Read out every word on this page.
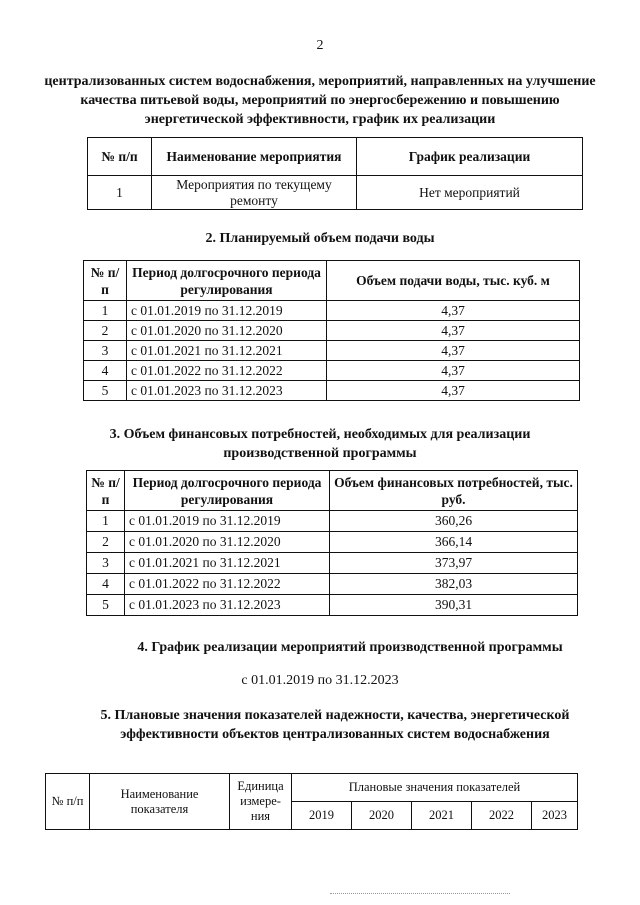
2
централизованных систем водоснабжения, мероприятий, направленных на улучшение качества питьевой воды, мероприятий по энергосбережению и повышению энергетической эффективности, график их реализации
№ п/п	Наименование мероприятия	График реализации
1	Мероприятия по текущему ремонту	Нет мероприятий
2. Планируемый объем подачи воды
№ п/п	Период долгосрочного периода регулирования	Объем подачи воды, тыс. куб. м
1	с 01.01.2019 по 31.12.2019	4,37
2	с 01.01.2020 по 31.12.2020	4,37
3	с 01.01.2021 по 31.12.2021	4,37
4	с 01.01.2022 по 31.12.2022	4,37
5	с 01.01.2023 по 31.12.2023	4,37
3. Объем финансовых потребностей, необходимых для реализации производственной программы
№ п/п	Период долгосрочного периода регулирования	Объем финансовых потребностей, тыс. руб.
1	с 01.01.2019 по 31.12.2019	360,26
2	с 01.01.2020 по 31.12.2020	366,14
3	с 01.01.2021 по 31.12.2021	373,97
4	с 01.01.2022 по 31.12.2022	382,03
5	с 01.01.2023 по 31.12.2023	390,31
4. График реализации мероприятий производственной программы
с 01.01.2019 по 31.12.2023
5. Плановые значения показателей надежности, качества, энергетической эффективности объектов централизованных систем водоснабжения
№ п/п	Наименование показателя	Единица измере- ния	Плановые значения показателей				
			2019	2020	2021	2022	2023
